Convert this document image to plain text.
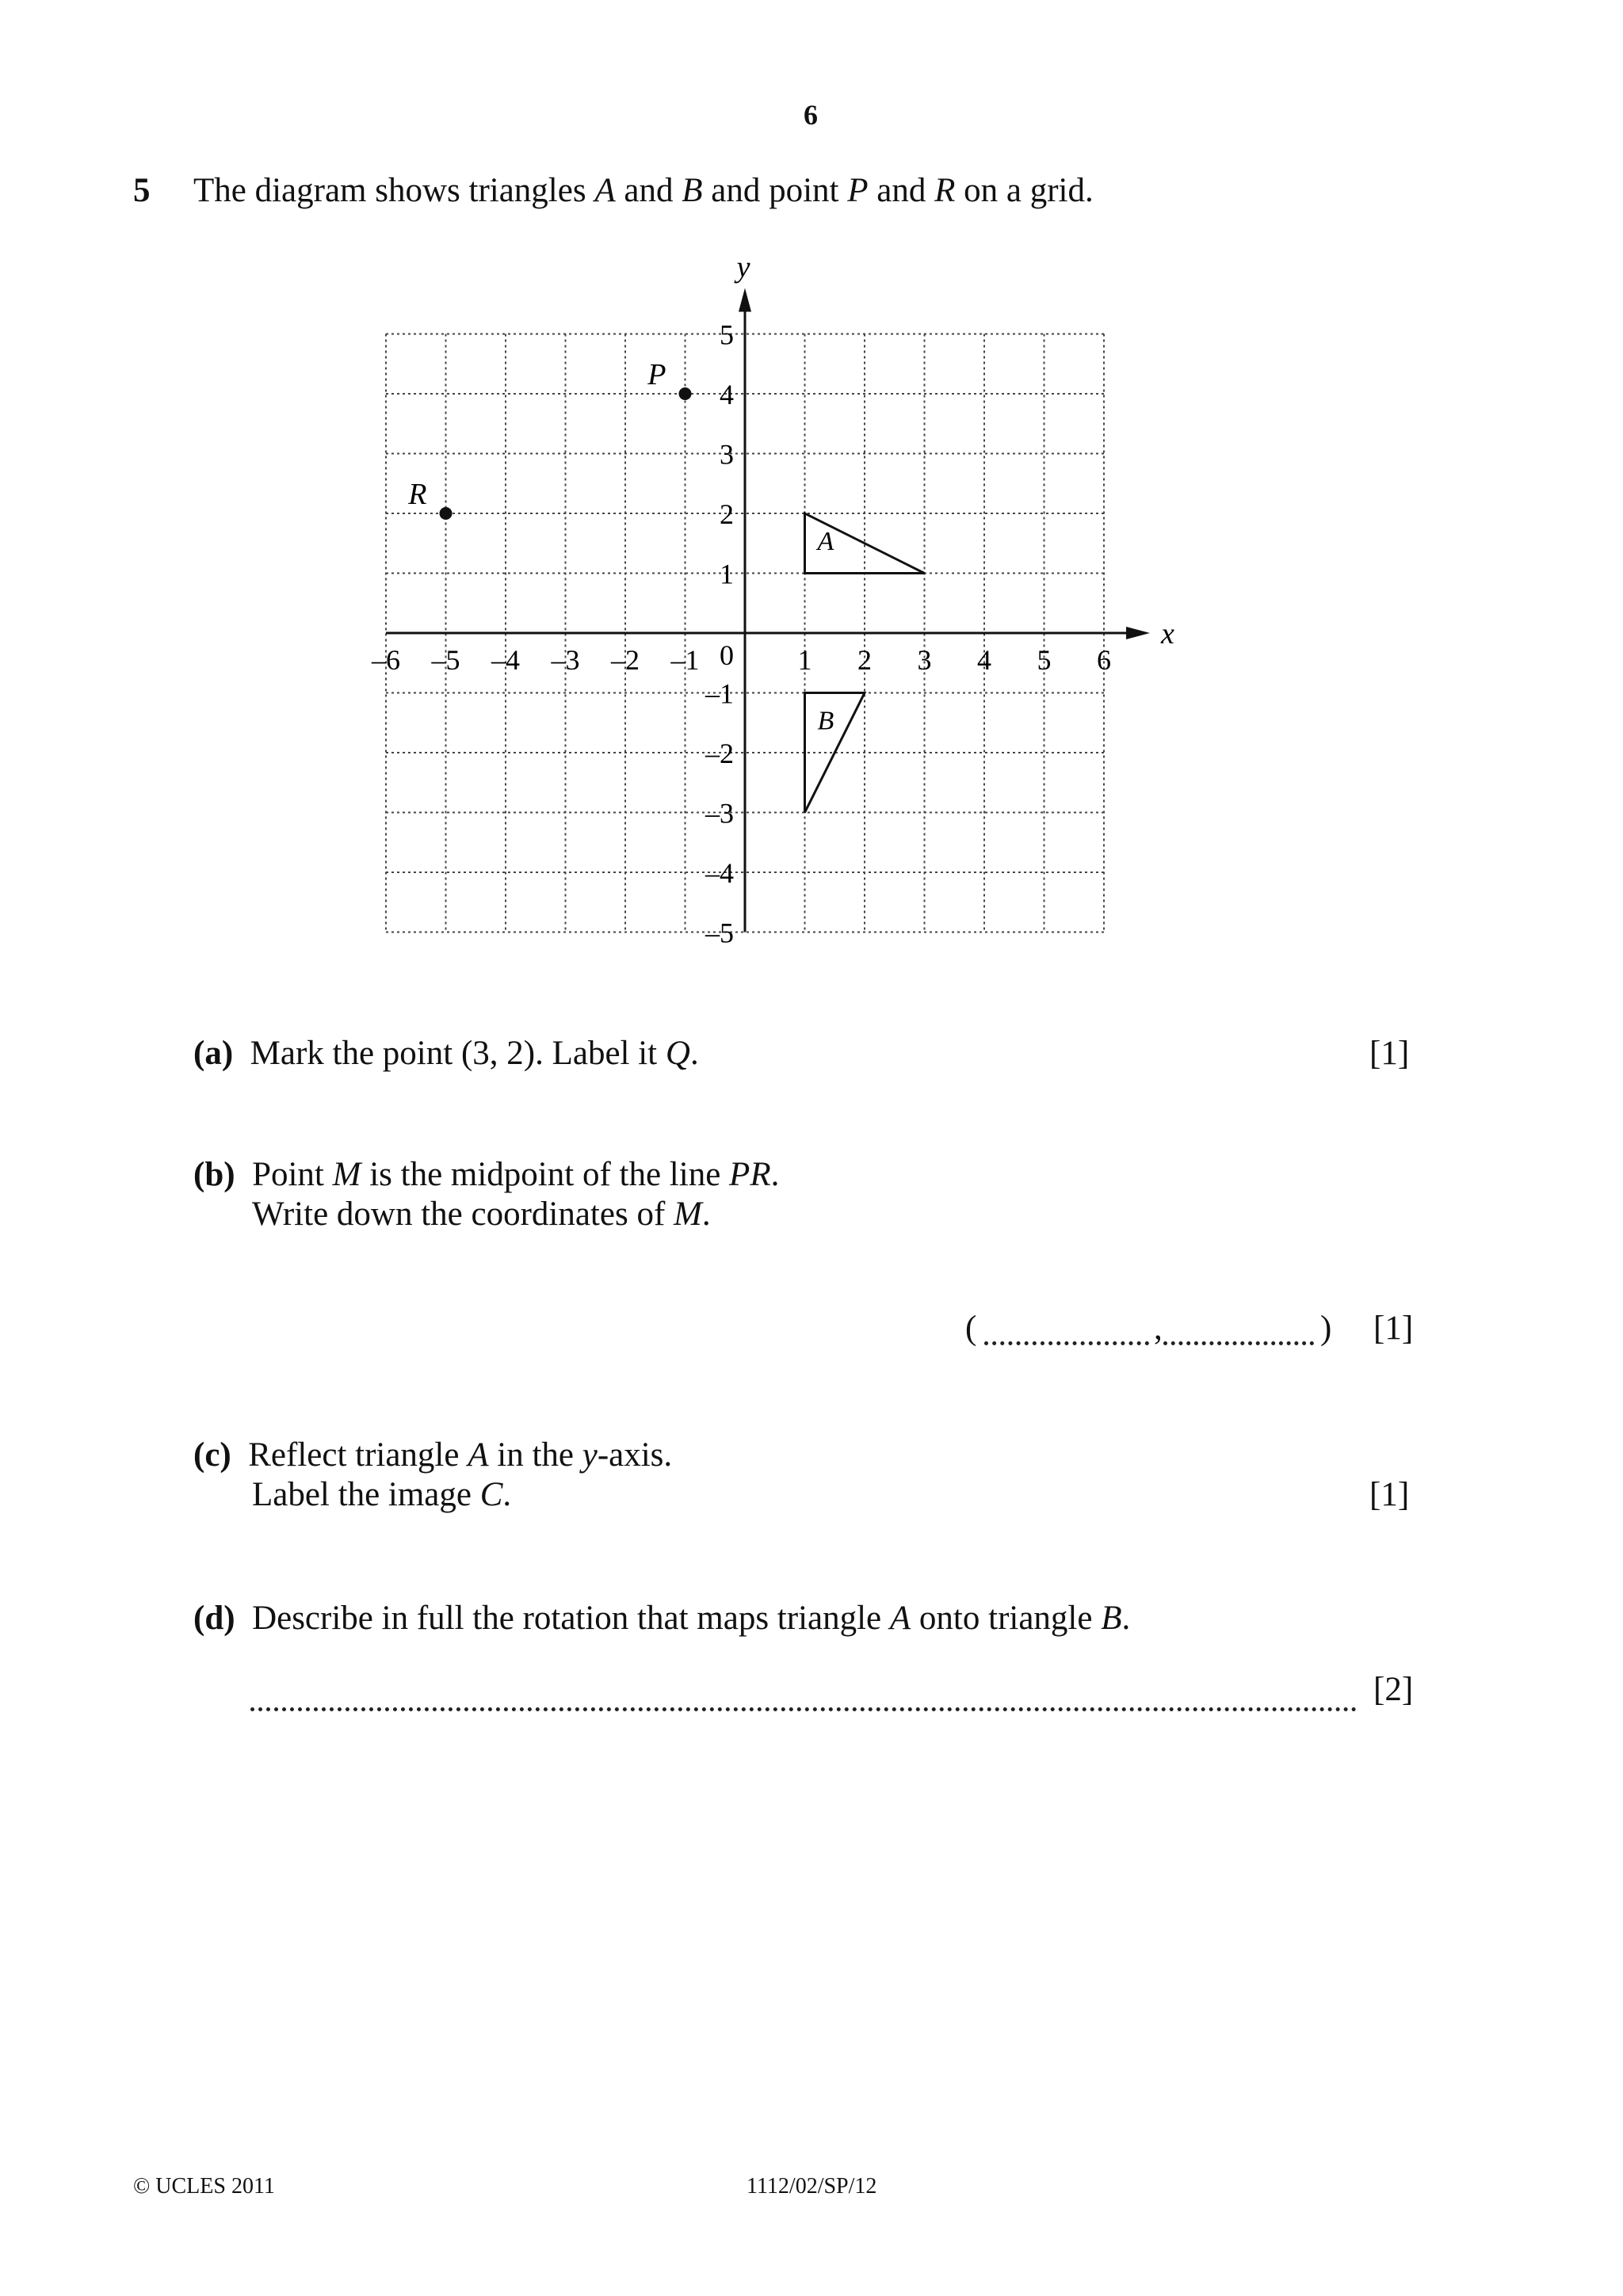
6
5 The diagram shows triangles A and B and point P and R on a grid.
x
y
–6 –5 –4 –3 –2 –1	1 2 3 4 5 6
1
2
3
4
5
–1
–2
–3
–4
–5
0
P
R
A
B
(a) Mark the point (3, 2). Label it Q.	[1]
(b) Point M is the midpoint of the line PR.
Write down the coordinates of M.
(	,	) [1]
(c) Reflect triangle A in the y-axis.
Label the image C.	[1]
(d) Describe in full the rotation that maps triangle A onto triangle B.
[2]
© UCLES 2011	1112/02/SP/12
